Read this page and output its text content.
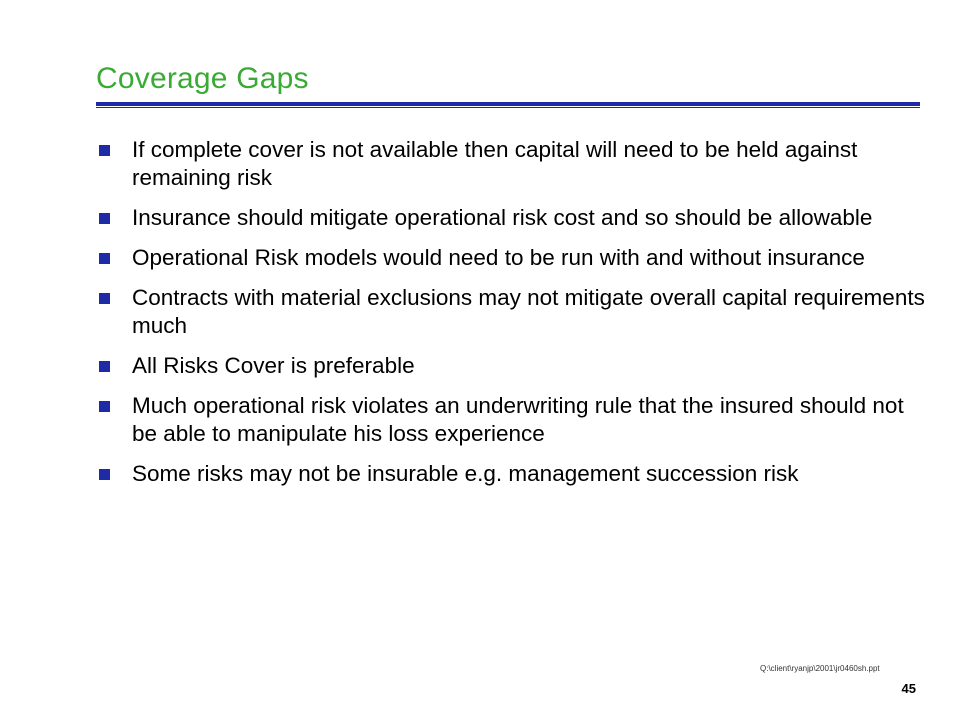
Coverage Gaps
If complete cover is not available then capital will need to be held against remaining risk
Insurance should mitigate operational risk cost and so should be allowable
Operational Risk models would need to be run with and without insurance
Contracts with material exclusions may not mitigate overall capital requirements much
All Risks Cover is preferable
Much operational risk violates an underwriting rule that the insured should not be able to manipulate his loss experience
Some risks may not be insurable e.g. management succession risk
Q:\client\ryanjp\2001\jr0460sh.ppt
45
